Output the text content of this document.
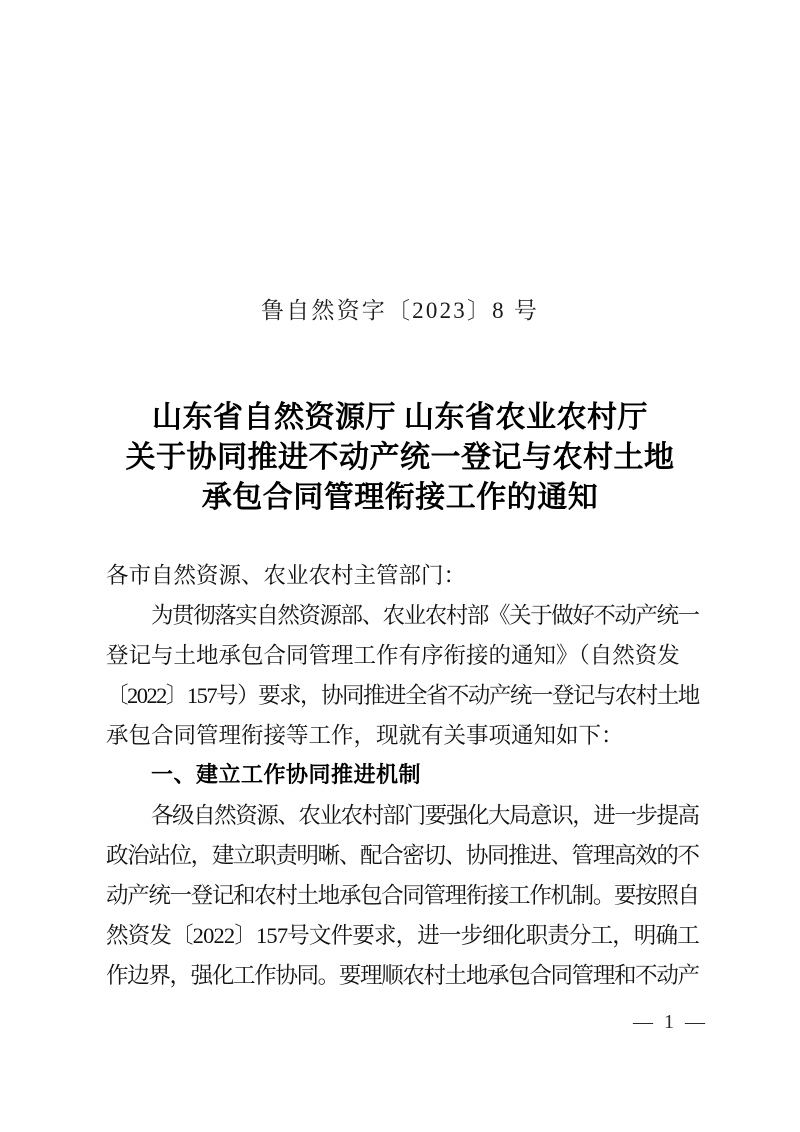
鲁自然资字〔2023〕8 号
山东省自然资源厅 山东省农业农村厅
关于协同推进不动产统一登记与农村土地
承包合同管理衔接工作的通知
各市自然资源、农业农村主管部门：
为贯彻落实自然资源部、农业农村部《关于做好不动产统一
登记与土地承包合同管理工作有序衔接的通知》（自然资发
〔2022〕157号）要求，协同推进全省不动产统一登记与农村土地
承包合同管理衔接等工作，现就有关事项通知如下：
一、建立工作协同推进机制
各级自然资源、农业农村部门要强化大局意识，进一步提高
政治站位，建立职责明晰、配合密切、协同推进、管理高效的不
动产统一登记和农村土地承包合同管理衔接工作机制。要按照自
然资发〔2022〕157号文件要求，进一步细化职责分工，明确工
作边界，强化工作协同。要理顺农村土地承包合同管理和不动产
— 1 —
